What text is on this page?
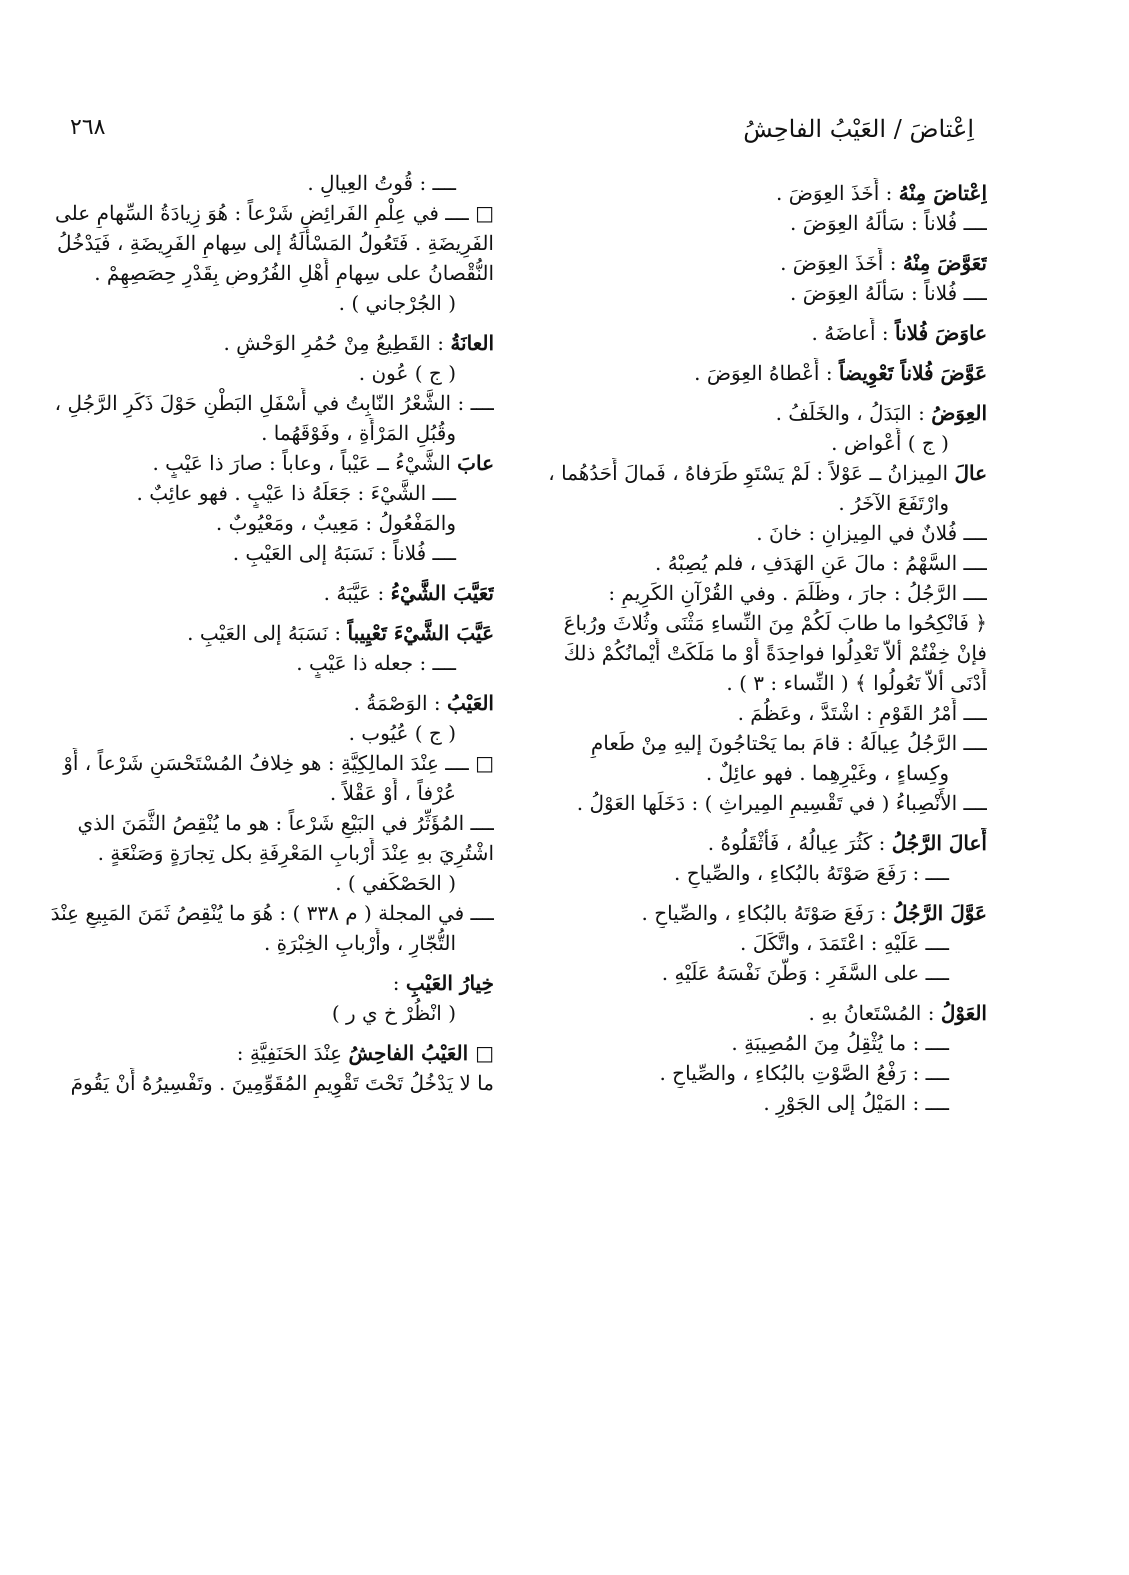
اِعْتاضَ / العَيْبُ الفاحِشُ
٢٦٨
اِعْتاضَ مِنْهُ : أَخَذَ العِوَضَ .
ــــ فُلاناً : سَأَلَهُ العِوَضَ .
تَعَوَّضَ مِنْهُ : أَخَذَ العِوَضَ .
ــــ فُلاناً : سَأَلَهُ العِوَضَ .
عاوَضَ فُلاناً : أَعاضَهُ .
عَوَّضَ فُلاناً تَعْوِيضاً : أَعْطاهُ العِوَضَ .
العِوَضُ : البَدَلُ ، والخَلَفُ .
( ج ) أَعْواض .
عالَ المِيزانُ ــ عَوْلاً : لَمْ يَسْتَوِ طَرَفاهُ ، فَمالَ أَحَدُهُما ،
وارْتَفَعَ الآخَرُ .
ــــ فُلانٌ في المِيزانِ : خانَ .
ــــ السَّهْمُ : مالَ عَنِ الهَدَفِ ، فلم يُصِبْهُ .
ــــ الرَّجُلُ : جارَ ، وظَلَمَ . وفي القُرْآنِ الكَرِيمِ :
﴿ فَانْكِحُوا ما طابَ لَكُمْ مِنَ النِّساءِ مَثْنَى وثُلاثَ ورُباعَ
فإنْ خِفْتُمْ ألاّ تَعْدِلُوا فواحِدَةً أَوْ ما مَلَكَتْ أَيْمانُكُمْ ذلكَ
أَدْنَى ألاّ تَعُولُوا ﴾ ( النِّساء : ٣ ) .
ــــ أَمْرُ القَوْمِ : اشْتَدَّ ، وعَظُمَ .
ــــ الرَّجُلُ عِيالَهُ : قامَ بما يَحْتاجُونَ إليهِ مِنْ طَعامٍ
وكِساءٍ ، وغَيْرِهِما . فهو عائِلٌ .
ــــ الأَنْصِباءُ ( في تَقْسِيمِ المِيراثِ ) : دَخَلَها العَوْلُ .
أَعالَ الرَّجُلُ : كَثُرَ عِيالُهُ ، فَأَثْقَلُوهُ .
ــــ : رَفَعَ صَوْتَهُ بالبُكاءِ ، والصِّياحِ .
عَوَّلَ الرَّجُلُ : رَفَعَ صَوْتَهُ بالبُكاءِ ، والصِّياحِ .
ــــ عَلَيْهِ : اعْتَمَدَ ، واتَّكَلَ .
ــــ على السَّفَرِ : وَطَّنَ نَفْسَهُ عَلَيْهِ .
العَوْلُ : المُسْتَعانُ بهِ .
ــــ : ما يُثْقِلُ مِنَ المُصِيبَةِ .
ــــ : رَفْعُ الصَّوْتِ بالبُكاءِ ، والصِّياحِ .
ــــ : المَيْلُ إلى الجَوْرِ .
ــــ : قُوتُ العِيالِ .
□ ــــ في عِلْمِ الفَرائِضِ شَرْعاً : هُوَ زِيادَةُ السِّهامِ على
الفَرِيضَةِ . فَتَعُولُ المَسْأَلَةُ إلى سِهامِ الفَرِيضَةِ ، فَيَدْخُلُ
النُّقْصانُ على سِهامِ أَهْلِ الفُرُوضِ بِقَدْرِ حِصَصِهِمْ .
( الجُرْجاني ) .
العانَةُ : القَطِيعُ مِنْ حُمُرِ الوَحْشِ .
( ج ) عُون .
ــــ : الشَّعْرُ النّابِتُ في أَسْفَلِ البَطْنِ حَوْلَ ذَكَرِ الرَّجُلِ ،
وقُبُلِ المَرْأَةِ ، وفَوْقَهُما .
عابَ الشَّيْءُ ــ عَيْباً ، وعاباً : صارَ ذا عَيْبٍ .
ــــ الشَّيْءَ : جَعَلَهُ ذا عَيْبٍ . فهو عائِبٌ .
والمَفْعُولُ : مَعِيبٌ ، ومَعْيُوبٌ .
ــــ فُلاناً : نَسَبَهُ إلى العَيْبِ .
تَعَيَّبَ الشَّيْءُ : عَيَّبَهُ .
عَيَّبَ الشَّيْءَ تَعْيِيباً : نَسَبَهُ إلى العَيْبِ .
ــــ : جعله ذا عَيْبٍ .
العَيْبُ : الوَصْمَةُ .
( ج ) عُيُوب .
□ ــــ عِنْدَ المالِكِيَّةِ : هو خِلافُ المُسْتَحْسَنِ شَرْعاً ، أَوْ
عُرْفاً ، أَوْ عَقْلاً .
ــــ المُؤَثِّرُ في البَيْعِ شَرْعاً : هو ما يُنْقِصُ الثَّمَنَ الذي
اشْتُرِيَ بهِ عِنْدَ أَرْبابِ المَعْرِفَةِ بكل تِجارَةٍ وَصَنْعَةٍ .
( الحَصْكَفي ) .
ــــ في المجلة ( م ٣٣٨ ) : هُوَ ما يُنْقِصُ ثَمَنَ المَبِيعِ عِنْدَ
التُّجّارِ ، وأَرْبابِ الخِبْرَةِ .
خِيارُ العَيْبِ :
( انْظُرْ خ ي ر )
□ العَيْبُ الفاحِشُ عِنْدَ الحَنَفِيَّةِ :
ما لا يَدْخُلُ تَحْتَ تَقْوِيمِ المُقَوِّمِينَ . وتَفْسِيرُهُ أَنْ يَقُومَ
